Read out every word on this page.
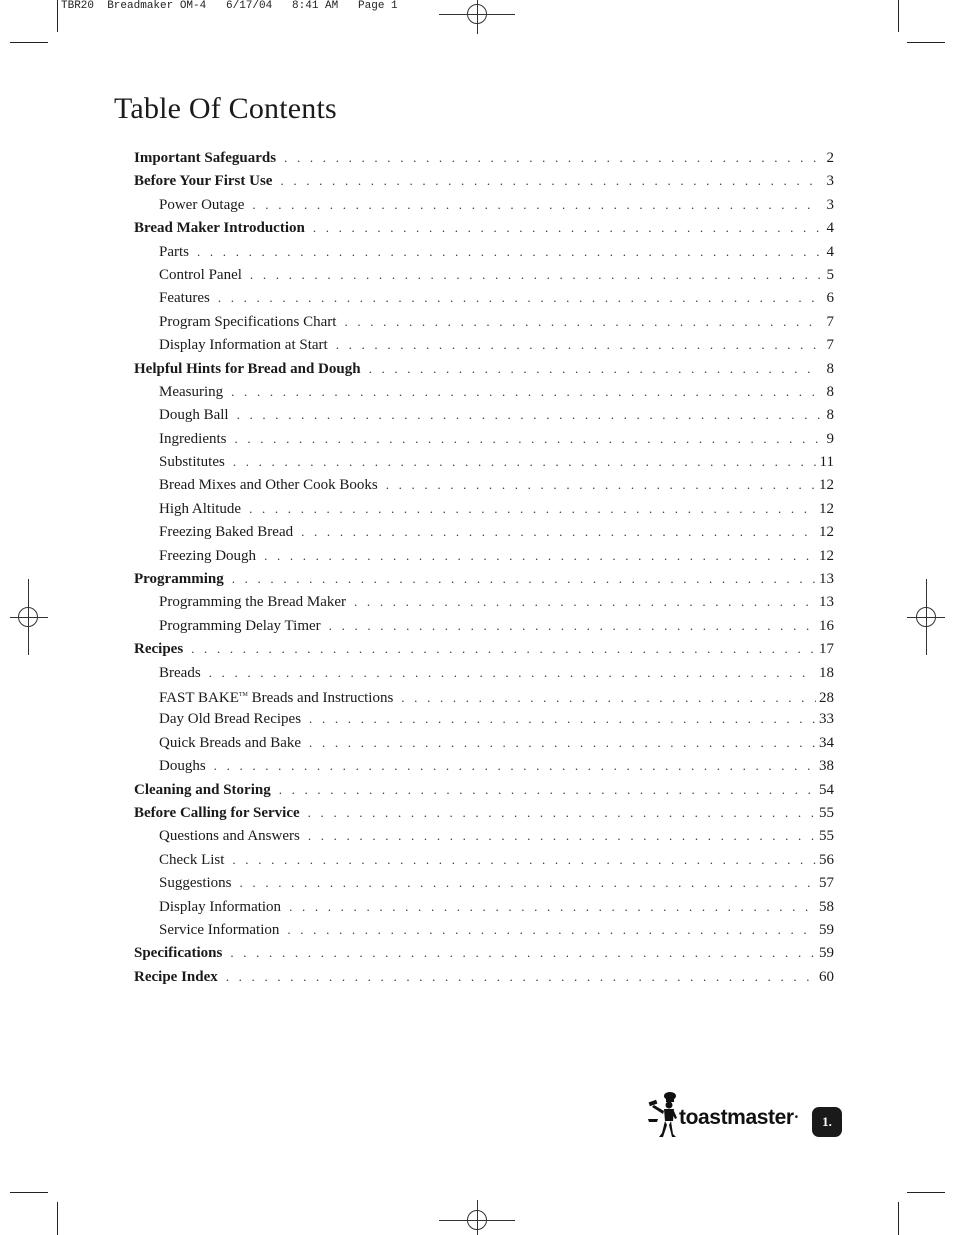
TBR20  Breadmaker OM-4   6/17/04   8:41 AM   Page 1
Table Of Contents
Important Safeguards . . .	2
Before Your First Use . . .	3
Power Outage . . .	3
Bread Maker Introduction . . .	4
Parts . . .	4
Control Panel . . .	5
Features . . .	6
Program Specifications Chart . . .	7
Display Information at Start . . .	7
Helpful Hints for Bread and Dough . . .	8
Measuring . . .	8
Dough Ball . . .	8
Ingredients . . .	9
Substitutes . . .	11
Bread Mixes and Other Cook Books . . .	12
High Altitude . . .	12
Freezing Baked Bread . . .	12
Freezing Dough . . .	12
Programming . . .	13
Programming the Bread Maker . . .	13
Programming Delay Timer . . .	16
Recipes . . .	17
Breads . . .	18
FAST BAKE™ Breads and Instructions . . .	28
Day Old Bread Recipes . . .	33
Quick Breads and Bake . . .	34
Doughs . . .	38
Cleaning and Storing . . .	54
Before Calling for Service . . .	55
Questions and Answers . . .	55
Check List . . .	56
Suggestions . . .	57
Display Information . . .	58
Service Information . . .	59
Specifications . . .	59
Recipe Index . . .	60
toastmaster •	1.
